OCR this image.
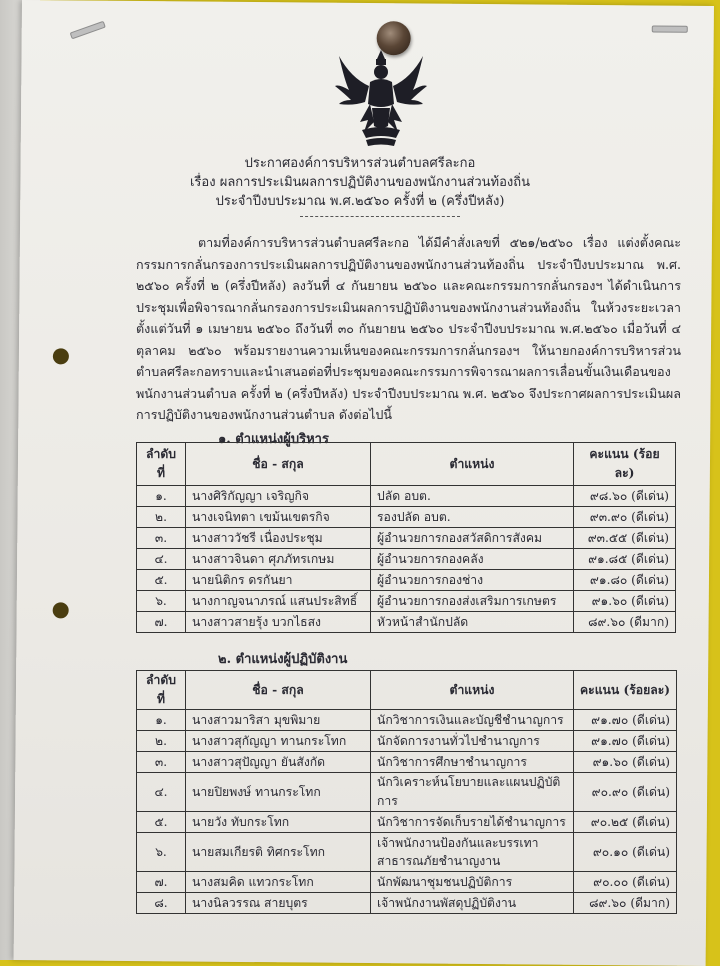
ประกาศองค์การบริหารส่วนตำบลศรีละกอ
เรื่อง ผลการประเมินผลการปฏิบัติงานของพนักงานส่วนท้องถิ่น
ประจำปีงบประมาณ พ.ศ.๒๕๖๐ ครั้งที่ ๒ (ครึ่งปีหลัง)
ตามที่องค์การบริหารส่วนตำบลศรีละกอ ได้มีคำสั่งเลขที่ ๕๒๑/๒๕๖๐ เรื่อง แต่งตั้งคณะกรรมการกลั่นกรองการประเมินผลการปฏิบัติงานของพนักงานส่วนท้องถิ่น ประจำปีงบประมาณ พ.ศ. ๒๕๖๐ ครั้งที่ ๒ (ครึ่งปีหลัง) ลงวันที่ ๔ กันยายน ๒๕๖๐ และคณะกรรมการกลั่นกรองฯ ได้ดำเนินการประชุมเพื่อพิจารณากลั่นกรองการประเมินผลการปฏิบัติงานของพนักงานส่วนท้องถิ่น ในห้วงระยะเวลาตั้งแต่วันที่ ๑ เมษายน ๒๕๖๐ ถึงวันที่ ๓๐ กันยายน ๒๕๖๐ ประจำปีงบประมาณ พ.ศ.๒๕๖๐ เมื่อวันที่ ๔ ตุลาคม ๒๕๖๐ พร้อมรายงานความเห็นของคณะกรรมการกลั่นกรองฯ ให้นายกองค์การบริหารส่วนตำบลศรีละกอทราบและนำเสนอต่อที่ประชุมของคณะกรรมการพิจารณาผลการเลื่อนขั้นเงินเดือนของพนักงานส่วนตำบล ครั้งที่ ๒ (ครึ่งปีหลัง) ประจำปีงบประมาณ พ.ศ. ๒๕๖๐ จึงประกาศผลการประเมินผลการปฏิบัติงานของพนักงานส่วนตำบล ดังต่อไปนี้
๑. ตำแหน่งผู้บริหาร
ลำดับที่	ชื่อ - สกุล	ตำแหน่ง	คะแนน (ร้อยละ)
๑.	นางศิริกัญญา เจริญกิจ	ปลัด อบต.	๙๘.๖๐ (ดีเด่น)
๒.	นางเจนิทตา เขม้นเขตรกิจ	รองปลัด อบต.	๙๓.๙๐ (ดีเด่น)
๓.	นางสาววัชรี เนื่องประชุม	ผู้อำนวยการกองสวัสดิการสังคม	๙๓.๕๕ (ดีเด่น)
๔.	นางสาวจินดา ศุภภัทรเกษม	ผู้อำนวยการกองคลัง	๙๑.๘๕ (ดีเด่น)
๕.	นายนิติกร ดรกันยา	ผู้อำนวยการกองช่าง	๙๑.๘๐ (ดีเด่น)
๖.	นางกาญจนาภรณ์ แสนประสิทธิ์	ผู้อำนวยการกองส่งเสริมการเกษตร	๙๑.๖๐ (ดีเด่น)
๗.	นางสาวสายรุ้ง บวกไธสง	หัวหน้าสำนักปลัด	๘๙.๖๐ (ดีมาก)
๒. ตำแหน่งผู้ปฏิบัติงาน
ลำดับที่	ชื่อ - สกุล	ตำแหน่ง	คะแนน (ร้อยละ)
๑.	นางสาวมาริสา มุขพิมาย	นักวิชาการเงินและบัญชีชำนาญการ	๙๑.๗๐ (ดีเด่น)
๒.	นางสาวสุกัญญา ทานกระโทก	นักจัดการงานทั่วไปชำนาญการ	๙๑.๗๐ (ดีเด่น)
๓.	นางสาวสุปัญญา ยันสังกัด	นักวิชาการศึกษาชำนาญการ	๙๑.๖๐ (ดีเด่น)
๔.	นายปิยพงษ์ ทานกระโทก	นักวิเคราะห์นโยบายและแผนปฏิบัติการ	๙๐.๙๐ (ดีเด่น)
๕.	นายวัง ทับกระโทก	นักวิชาการจัดเก็บรายได้ชำนาญการ	๙๐.๒๕ (ดีเด่น)
๖.	นายสมเกียรติ ทิศกระโทก	เจ้าพนักงานป้องกันและบรรเทาสาธารณภัยชำนาญงาน	๙๐.๑๐ (ดีเด่น)
๗.	นางสมคิด แทวกระโทก	นักพัฒนาชุมชนปฏิบัติการ	๙๐.๐๐ (ดีเด่น)
๘.	นางนิลวรรณ สายบุตร	เจ้าพนักงานพัสดุปฏิบัติงาน	๘๙.๖๐ (ดีมาก)
